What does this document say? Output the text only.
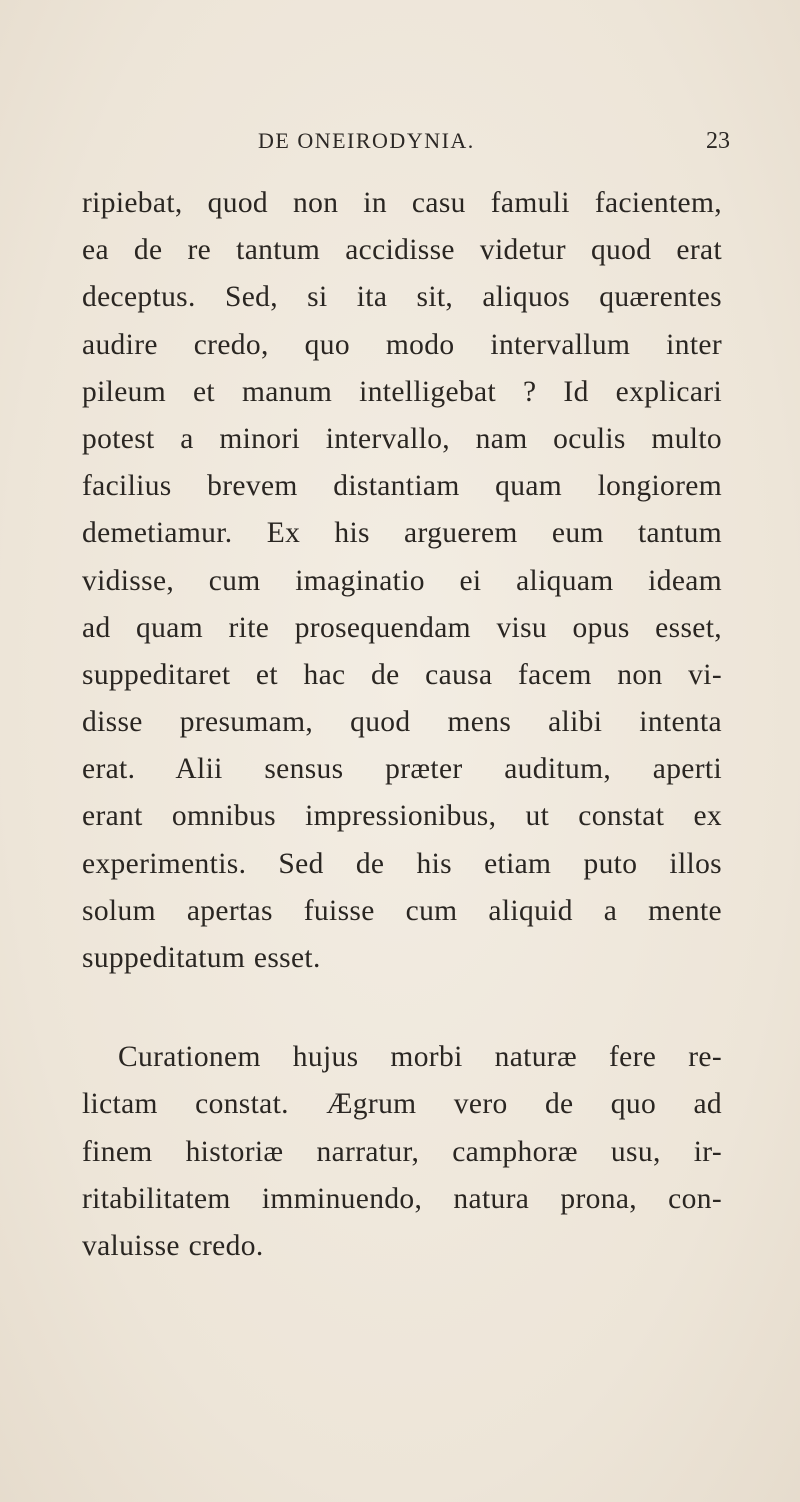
DE ONEIRODYNIA.	23
ripiebat, quod non in casu famuli facientem,
ea de re tantum accidisse videtur quod erat
deceptus. Sed, si ita sit, aliquos quærentes
audire credo, quo modo intervallum inter
pileum et manum intelligebat ? Id explicari
potest a minori intervallo, nam oculis multo
facilius brevem distantiam quam longiorem
demetiamur. Ex his arguerem eum tantum
vidisse, cum imaginatio ei aliquam ideam
ad quam rite prosequendam visu opus esset,
suppeditaret et hac de causa facem non vi-
disse presumam, quod mens alibi intenta
erat. Alii sensus præter auditum, aperti
erant omnibus impressionibus, ut constat ex
experimentis. Sed de his etiam puto illos
solum apertas fuisse cum aliquid a mente
suppeditatum esset.
Curationem hujus morbi naturæ fere re-
lictam constat. Ægrum vero de quo ad
finem historiæ narratur, camphoræ usu, ir-
ritabilitatem imminuendo, natura prona, con-
valuisse credo.
